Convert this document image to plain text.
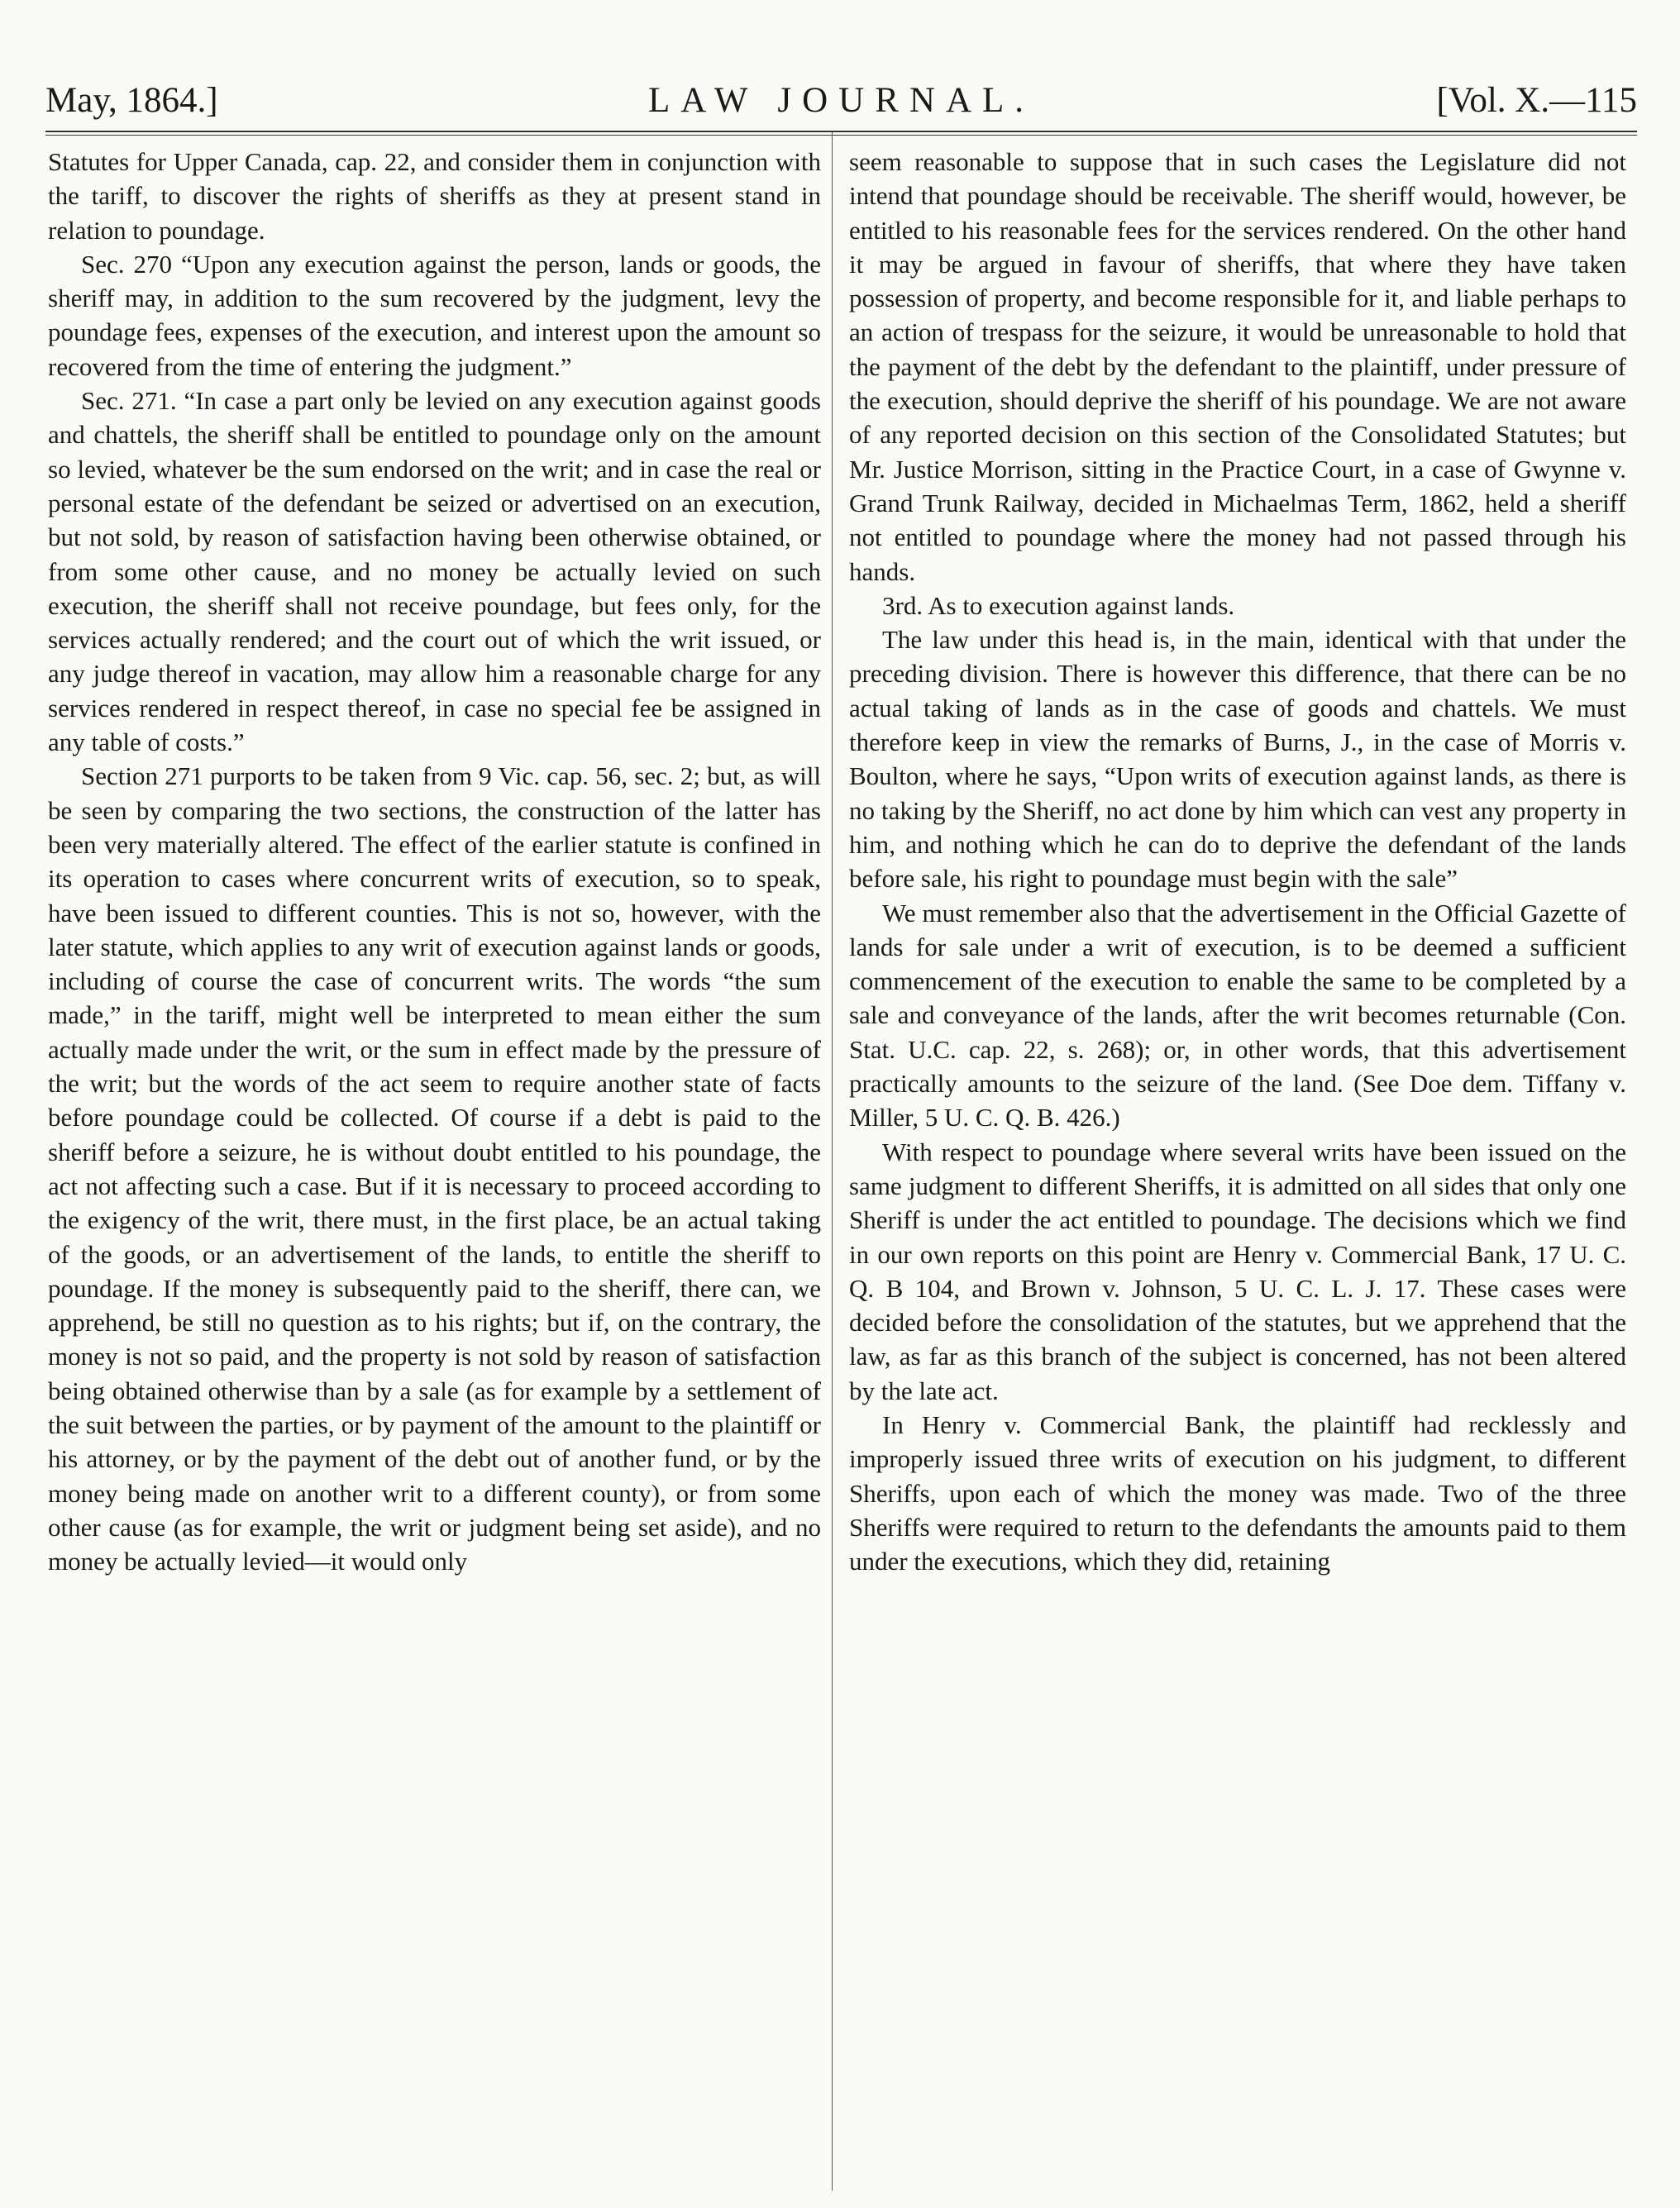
May, 1864.]	LAW JOURNAL.	[Vol. X.—115

Statutes for Upper Canada, cap. 22, and consider them in conjunction with the tariff, to discover the rights of sheriffs as they at present stand in relation to poundage.

Sec. 270 “Upon any execution against the person, lands or goods, the sheriff may, in addition to the sum recovered by the judgment, levy the poundage fees, expenses of the execution, and interest upon the amount so recovered from the time of entering the judgment.”

Sec. 271. “In case a part only be levied on any execution against goods and chattels, the sheriff shall be entitled to poundage only on the amount so levied, whatever be the sum endorsed on the writ; and in case the real or personal estate of the defendant be seized or advertised on an execution, but not sold, by reason of satisfaction having been otherwise obtained, or from some other cause, and no money be actually levied on such execution, the sheriff shall not receive poundage, but fees only, for the services actually rendered; and the court out of which the writ issued, or any judge thereof in vacation, may allow him a reasonable charge for any services rendered in respect thereof, in case no special fee be assigned in any table of costs.”

Section 271 purports to be taken from 9 Vic. cap. 56, sec. 2; but, as will be seen by comparing the two sections, the construction of the latter has been very materially altered. The effect of the earlier statute is confined in its operation to cases where concurrent writs of execution, so to speak, have been issued to different counties. This is not so, however, with the later statute, which applies to any writ of execution against lands or goods, including of course the case of concurrent writs. The words “the sum made,” in the tariff, might well be interpreted to mean either the sum actually made under the writ, or the sum in effect made by the pressure of the writ; but the words of the act seem to require another state of facts before poundage could be collected. Of course if a debt is paid to the sheriff before a seizure, he is without doubt entitled to his poundage, the act not affecting such a case. But if it is necessary to proceed according to the exigency of the writ, there must, in the first place, be an actual taking of the goods, or an advertisement of the lands, to entitle the sheriff to poundage. If the money is subsequently paid to the sheriff, there can, we apprehend, be still no question as to his rights; but if, on the contrary, the money is not so paid, and the property is not sold by reason of satisfaction being obtained otherwise than by a sale (as for example by a settlement of the suit between the parties, or by payment of the amount to the plaintiff or his attorney, or by the payment of the debt out of another fund, or by the money being made on another writ to a different county), or from some other cause (as for example, the writ or judgment being set aside), and no money be actually levied—it would only

seem reasonable to suppose that in such cases the Legislature did not intend that poundage should be receivable. The sheriff would, however, be entitled to his reasonable fees for the services rendered. On the other hand it may be argued in favour of sheriffs, that where they have taken possession of property, and become responsible for it, and liable perhaps to an action of trespass for the seizure, it would be unreasonable to hold that the payment of the debt by the defendant to the plaintiff, under pressure of the execution, should deprive the sheriff of his poundage. We are not aware of any reported decision on this section of the Consolidated Statutes; but Mr. Justice Morrison, sitting in the Practice Court, in a case of Gwynne v. Grand Trunk Railway, decided in Michaelmas Term, 1862, held a sheriff not entitled to poundage where the money had not passed through his hands.

3rd. As to execution against lands.

The law under this head is, in the main, identical with that under the preceding division. There is however this difference, that there can be no actual taking of lands as in the case of goods and chattels. We must therefore keep in view the remarks of Burns, J., in the case of Morris v. Boulton, where he says, “Upon writs of execution against lands, as there is no taking by the Sheriff, no act done by him which can vest any property in him, and nothing which he can do to deprive the defendant of the lands before sale, his right to poundage must begin with the sale”

We must remember also that the advertisement in the Official Gazette of lands for sale under a writ of execution, is to be deemed a sufficient commencement of the execution to enable the same to be completed by a sale and conveyance of the lands, after the writ becomes returnable (Con. Stat. U.C. cap. 22, s. 268); or, in other words, that this advertisement practically amounts to the seizure of the land. (See Doe dem. Tiffany v. Miller, 5 U. C. Q. B. 426.)

With respect to poundage where several writs have been issued on the same judgment to different Sheriffs, it is admitted on all sides that only one Sheriff is under the act entitled to poundage. The decisions which we find in our own reports on this point are Henry v. Commercial Bank, 17 U. C. Q. B 104, and Brown v. Johnson, 5 U. C. L. J. 17. These cases were decided before the consolidation of the statutes, but we apprehend that the law, as far as this branch of the subject is concerned, has not been altered by the late act.

In Henry v. Commercial Bank, the plaintiff had recklessly and improperly issued three writs of execution on his judgment, to different Sheriffs, upon each of which the money was made. Two of the three Sheriffs were required to return to the defendants the amounts paid to them under the executions, which they did, retaining
